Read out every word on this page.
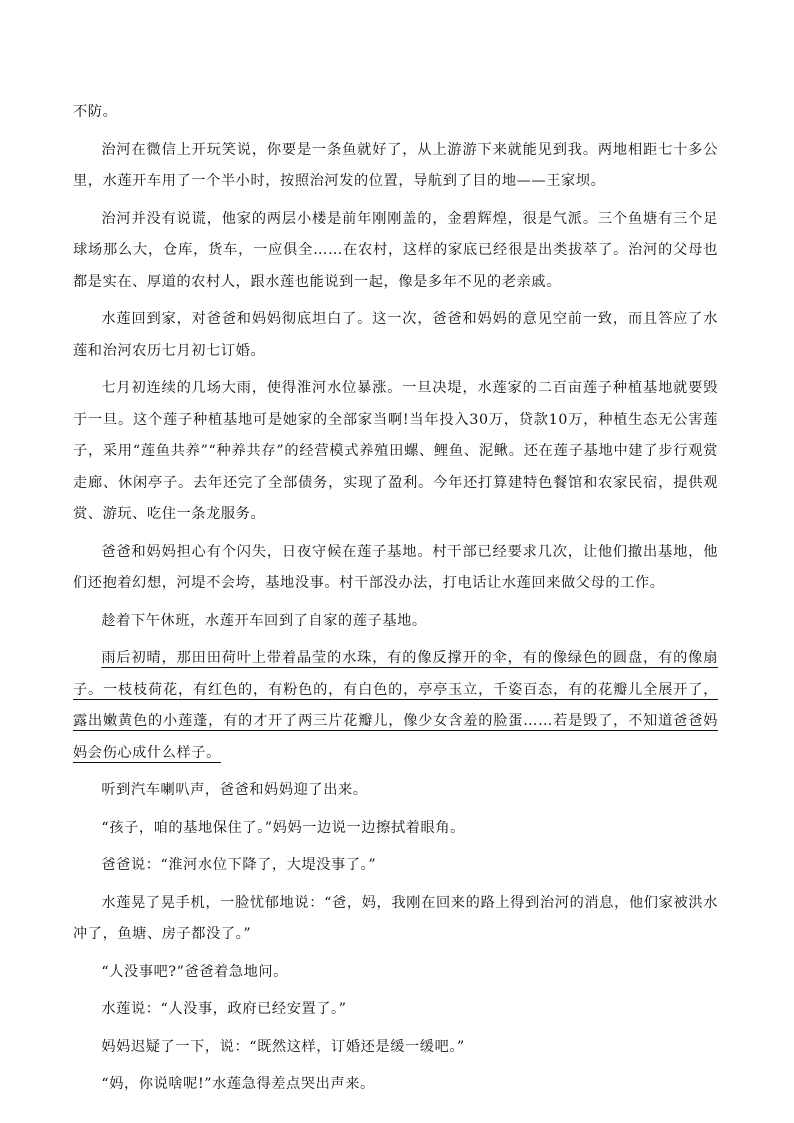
不防。

治河在微信上开玩笑说，你要是一条鱼就好了，从上游游下来就能见到我。两地相距七十多公里，水莲开车用了一个半小时，按照治河发的位置，导航到了目的地——王家坝。

治河并没有说谎，他家的两层小楼是前年刚刚盖的，金碧辉煌，很是气派。三个鱼塘有三个足球场那么大，仓库，货车，一应俱全……在农村，这样的家底已经很是出类拔萃了。治河的父母也都是实在、厚道的农村人，跟水莲也能说到一起，像是多年不见的老亲戚。

水莲回到家，对爸爸和妈妈彻底坦白了。这一次，爸爸和妈妈的意见空前一致，而且答应了水莲和治河农历七月初七订婚。

七月初连续的几场大雨，使得淮河水位暴涨。一旦决堤，水莲家的二百亩莲子种植基地就要毁于一旦。这个莲子种植基地可是她家的全部家当啊!当年投入30万，贷款10万，种植生态无公害莲子，采用“莲鱼共养”“种养共存”的经营模式养殖田螺、鲤鱼、泥鳅。还在莲子基地中建了步行观赏走廊、休闲亭子。去年还完了全部债务，实现了盈利。今年还打算建特色餐馆和农家民宿，提供观赏、游玩、吃住一条龙服务。

爸爸和妈妈担心有个闪失，日夜守候在莲子基地。村干部已经要求几次，让他们撤出基地，他们还抱着幻想，河堤不会垮，基地没事。村干部没办法，打电话让水莲回来做父母的工作。

趁着下午休班，水莲开车回到了自家的莲子基地。

雨后初晴，那田田荷叶上带着晶莹的水珠，有的像反撑开的伞，有的像绿色的圆盘，有的像扇子。一枝枝荷花，有红色的，有粉色的，有白色的，亭亭玉立，千姿百态，有的花瓣儿全展开了，露出嫩黄色的小莲蓬，有的才开了两三片花瓣儿，像少女含羞的脸蛋……若是毁了，不知道爸爸妈妈会伤心成什么样子。

听到汽车喇叭声，爸爸和妈妈迎了出来。

“孩子，咱的基地保住了。”妈妈一边说一边擦拭着眼角。

爸爸说：“淮河水位下降了，大堤没事了。”

水莲晃了晃手机，一脸忧郁地说：“爸，妈，我刚在回来的路上得到治河的消息，他们家被洪水冲了，鱼塘、房子都没了。”

“人没事吧?”爸爸着急地问。

水莲说：“人没事，政府已经安置了。”

妈妈迟疑了一下，说：“既然这样，订婚还是缓一缓吧。”

“妈，你说啥呢!”水莲急得差点哭出声来。
